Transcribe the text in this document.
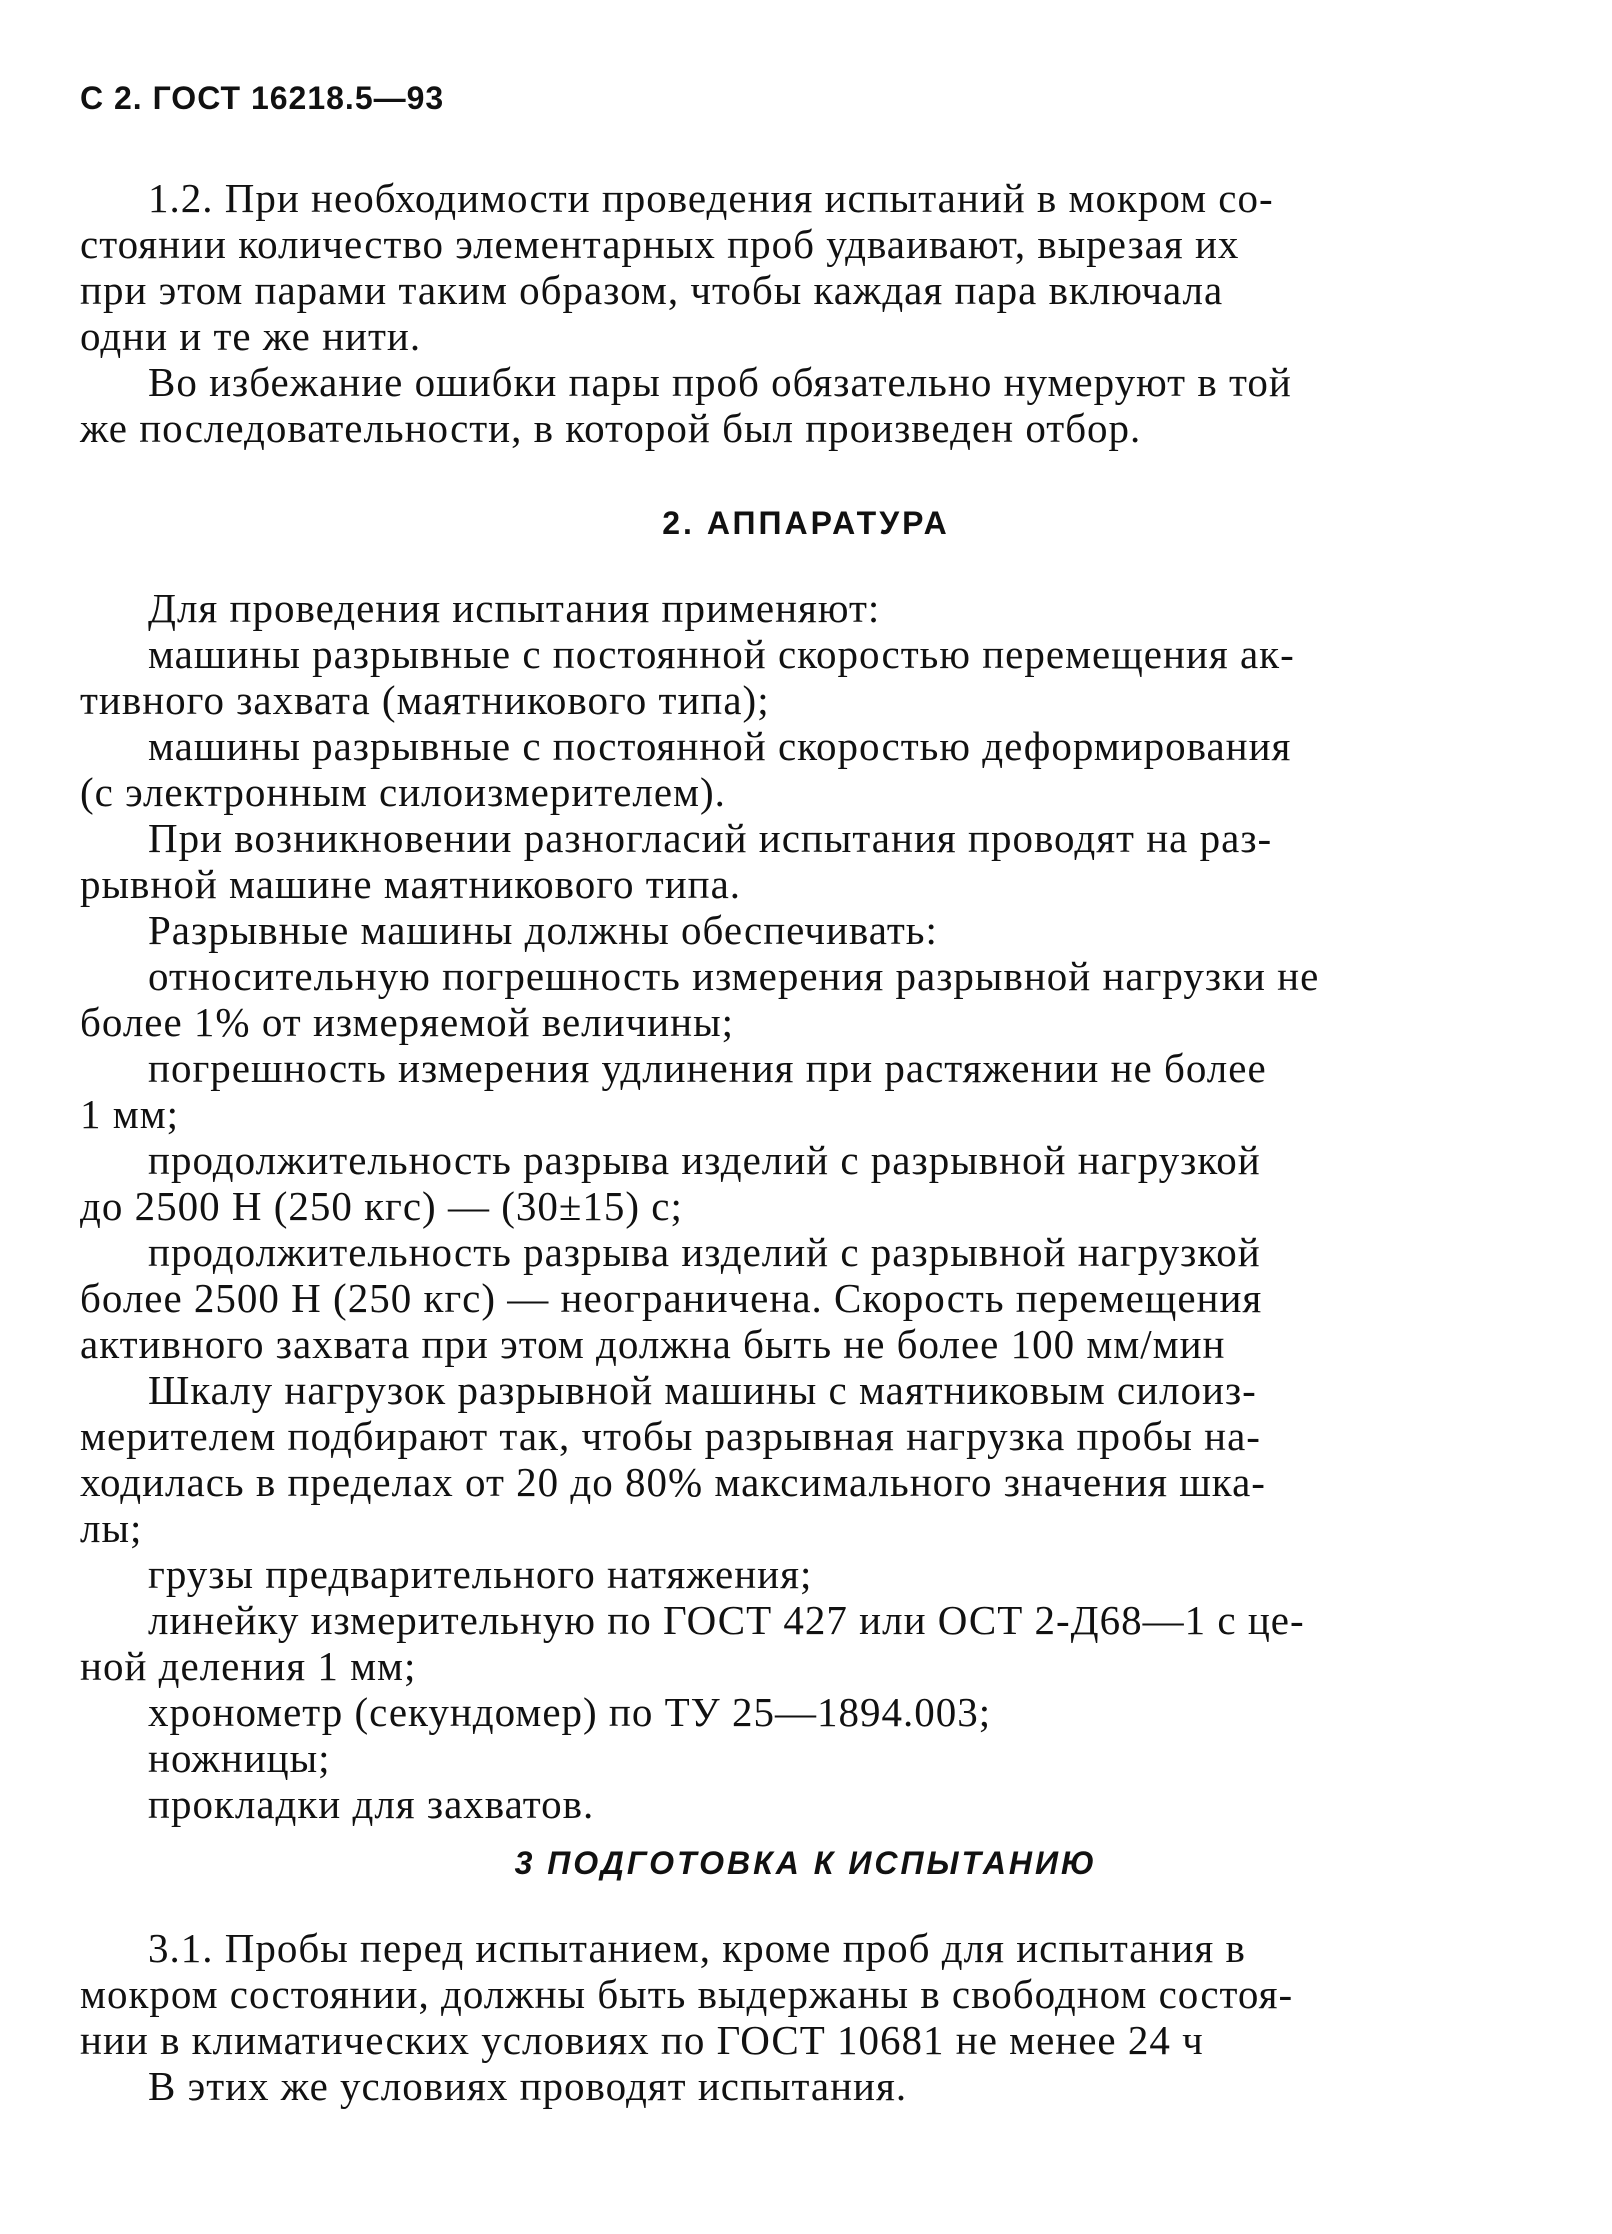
С 2. ГОСТ 16218.5—93
1.2. При необходимости проведения испытаний в мокром со-
стоянии количество элементарных проб удваивают, вырезая их
при этом парами таким образом, чтобы каждая пара включала
одни и те же нити.
Во избежание ошибки пары проб обязательно нумеруют в той
же последовательности, в которой был произведен отбор.
2. АППАРАТУРА
Для проведения испытания применяют:
машины разрывные с постоянной скоростью перемещения ак-
тивного захвата (маятникового типа);
машины разрывные с постоянной скоростью деформирования
(с электронным силоизмерителем).
При возникновении разногласий испытания проводят на раз-
рывной машине маятникового типа.
Разрывные машины должны обеспечивать:
относительную погрешность измерения разрывной нагрузки не
более 1% от измеряемой величины;
погрешность измерения удлинения при растяжении не более
1 мм;
продолжительность разрыва изделий с разрывной нагрузкой
до 2500 Н (250 кгс) — (30±15) с;
продолжительность разрыва изделий с разрывной нагрузкой
более 2500 Н (250 кгс) — неограничена. Скорость перемещения
активного захвата при этом должна быть не более 100 мм/мин
Шкалу нагрузок разрывной машины с маятниковым силоиз-
мерителем подбирают так, чтобы разрывная нагрузка пробы на-
ходилась в пределах от 20 до 80% максимального значения шка-
лы;
грузы предварительного натяжения;
линейку измерительную по ГОСТ 427 или ОСТ 2-Д68—1 с це-
ной деления 1 мм;
хронометр (секундомер) по ТУ 25—1894.003;
ножницы;
прокладки для захватов.
3 ПОДГОТОВКА К ИСПЫТАНИЮ
3.1. Пробы перед испытанием, кроме проб для испытания в
мокром состоянии, должны быть выдержаны в свободном состоя-
нии в климатических условиях по ГОСТ 10681 не менее 24 ч
В этих же условиях проводят испытания.
